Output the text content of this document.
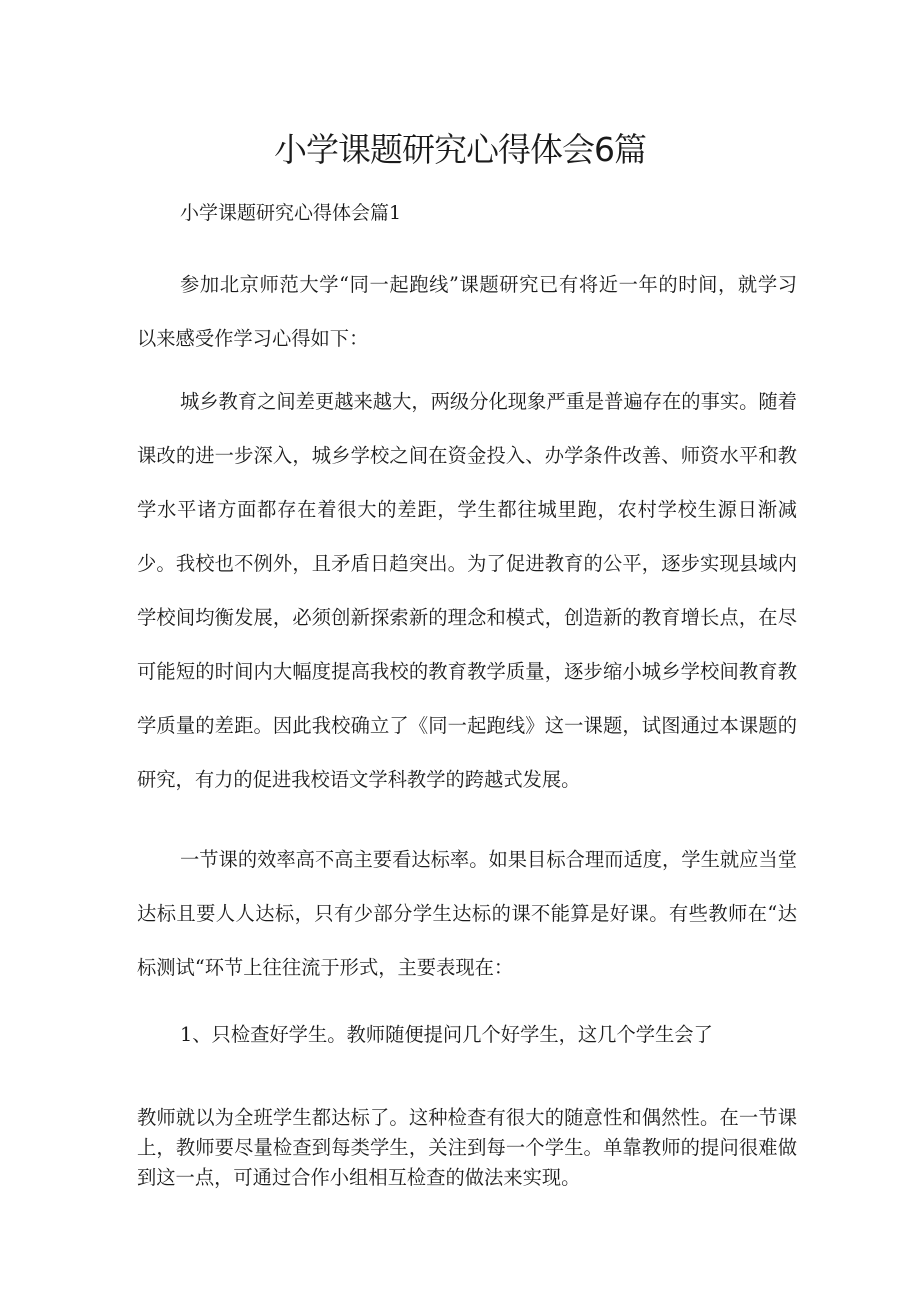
小学课题研究心得体会6篇

小学课题研究心得体会篇1

参加北京师范大学“同一起跑线”课题研究已有将近一年的时间，就学习以来感受作学习心得如下：

城乡教育之间差更越来越大，两级分化现象严重是普遍存在的事实。随着课改的进一步深入，城乡学校之间在资金投入、办学条件改善、师资水平和教学水平诸方面都存在着很大的差距，学生都往城里跑，农村学校生源日渐减少。我校也不例外，且矛盾日趋突出。为了促进教育的公平，逐步实现县域内学校间均衡发展，必须创新探索新的理念和模式，创造新的教育增长点，在尽可能短的时间内大幅度提高我校的教育教学质量，逐步缩小城乡学校间教育教学质量的差距。因此我校确立了《同一起跑线》这一课题，试图通过本课题的研究，有力的促进我校语文学科教学的跨越式发展。

一节课的效率高不高主要看达标率。如果目标合理而适度，学生就应当堂达标且要人人达标，只有少部分学生达标的课不能算是好课。有些教师在“达标测试“环节上往往流于形式，主要表现在：

1、只检查好学生。教师随便提问几个好学生，这几个学生会了

教师就以为全班学生都达标了。这种检查有很大的随意性和偶然性。在一节课上，教师要尽量检查到每类学生，关注到每一个学生。单靠教师的提问很难做到这一点，可通过合作小组相互检查的做法来实现。
